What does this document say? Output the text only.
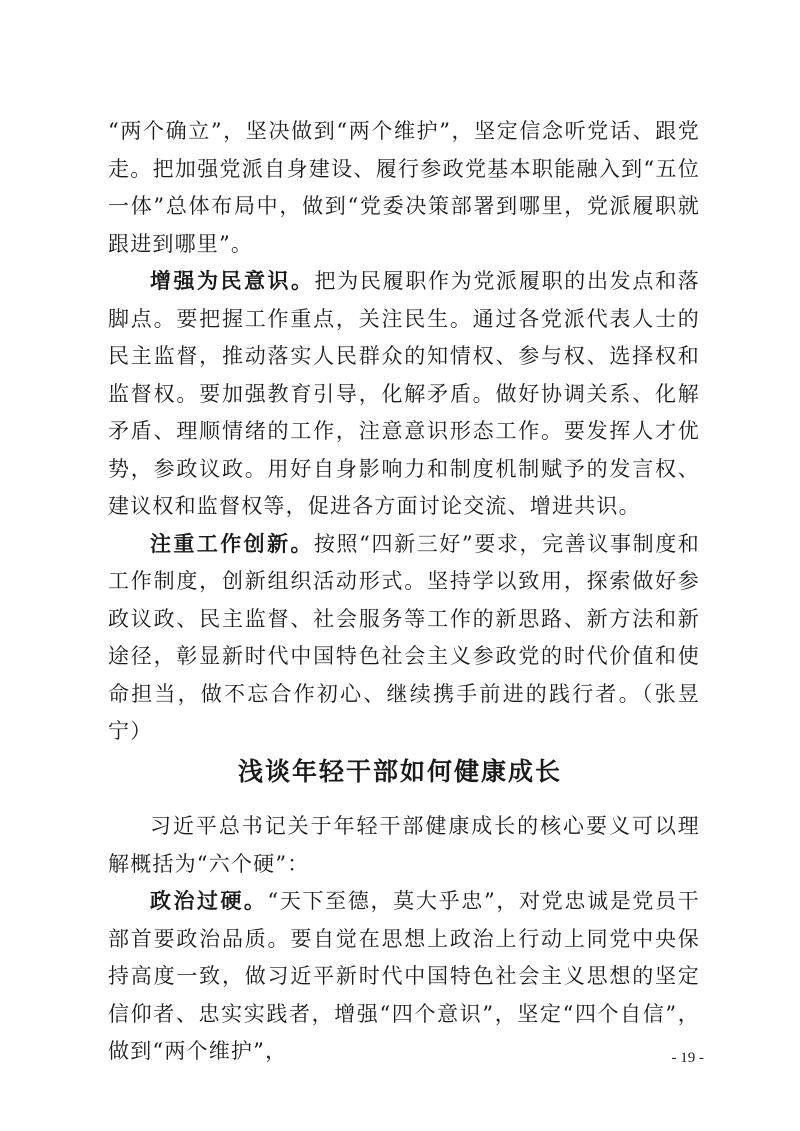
“两个确立”，坚决做到“两个维护”，坚定信念听党话、跟党走。把加强党派自身建设、履行参政党基本职能融入到“五位一体”总体布局中，做到“党委决策部署到哪里，党派履职就跟进到哪里”。

增强为民意识。把为民履职作为党派履职的出发点和落脚点。要把握工作重点，关注民生。通过各党派代表人士的民主监督，推动落实人民群众的知情权、参与权、选择权和监督权。要加强教育引导，化解矛盾。做好协调关系、化解矛盾、理顺情绪的工作，注意意识形态工作。要发挥人才优势，参政议政。用好自身影响力和制度机制赋予的发言权、建议权和监督权等，促进各方面讨论交流、增进共识。

注重工作创新。按照“四新三好”要求，完善议事制度和工作制度，创新组织活动形式。坚持学以致用，探索做好参政议政、民主监督、社会服务等工作的新思路、新方法和新途径，彰显新时代中国特色社会主义参政党的时代价值和使命担当，做不忘合作初心、继续携手前进的践行者。（张昱宁）

浅谈年轻干部如何健康成长

习近平总书记关于年轻干部健康成长的核心要义可以理解概括为“六个硬”：

政治过硬。“天下至德，莫大乎忠”，对党忠诚是党员干部首要政治品质。要自觉在思想上政治上行动上同党中央保持高度一致，做习近平新时代中国特色社会主义思想的坚定信仰者、忠实实践者，增强“四个意识”，坚定“四个自信”，做到“两个维护”，	- 19 -
